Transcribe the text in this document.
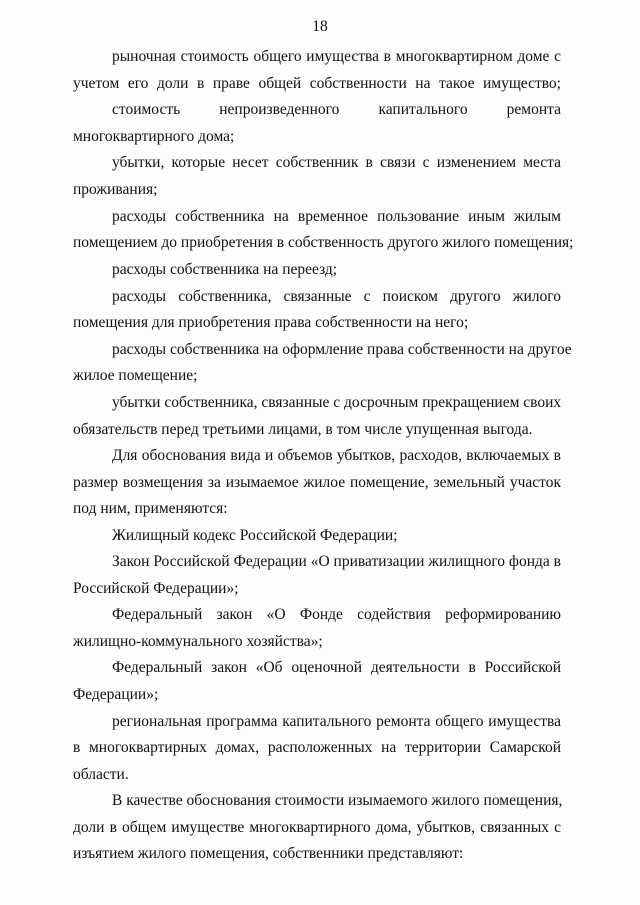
18
рыночная стоимость общего имущества в многоквартирном доме с
учетом его доли в праве общей собственности на такое имущество;
стоимость непроизведенного капитального ремонта
многоквартирного дома;
убытки, которые несет собственник в связи с изменением места
проживания;
расходы собственника на временное пользование иным жилым
помещением до приобретения в собственность другого жилого помещения;
расходы собственника на переезд;
расходы собственника, связанные с поиском другого жилого
помещения для приобретения права собственности на него;
расходы собственника на оформление права собственности на другое
жилое помещение;
убытки собственника, связанные с досрочным прекращением своих
обязательств перед третьими лицами, в том числе упущенная выгода.
Для обоснования вида и объемов убытков, расходов, включаемых в
размер возмещения за изымаемое жилое помещение, земельный участок
под ним, применяются:
Жилищный кодекс Российской Федерации;
Закон Российской Федерации «О приватизации жилищного фонда в
Российской Федерации»;
Федеральный закон «О Фонде содействия реформированию
жилищно-коммунального хозяйства»;
Федеральный закон «Об оценочной деятельности в Российской
Федерации»;
региональная программа капитального ремонта общего имущества
в многоквартирных домах, расположенных на территории Самарской
области.
В качестве обоснования стоимости изымаемого жилого помещения,
доли в общем имуществе многоквартирного дома, убытков, связанных с
изъятием жилого помещения, собственники представляют:
